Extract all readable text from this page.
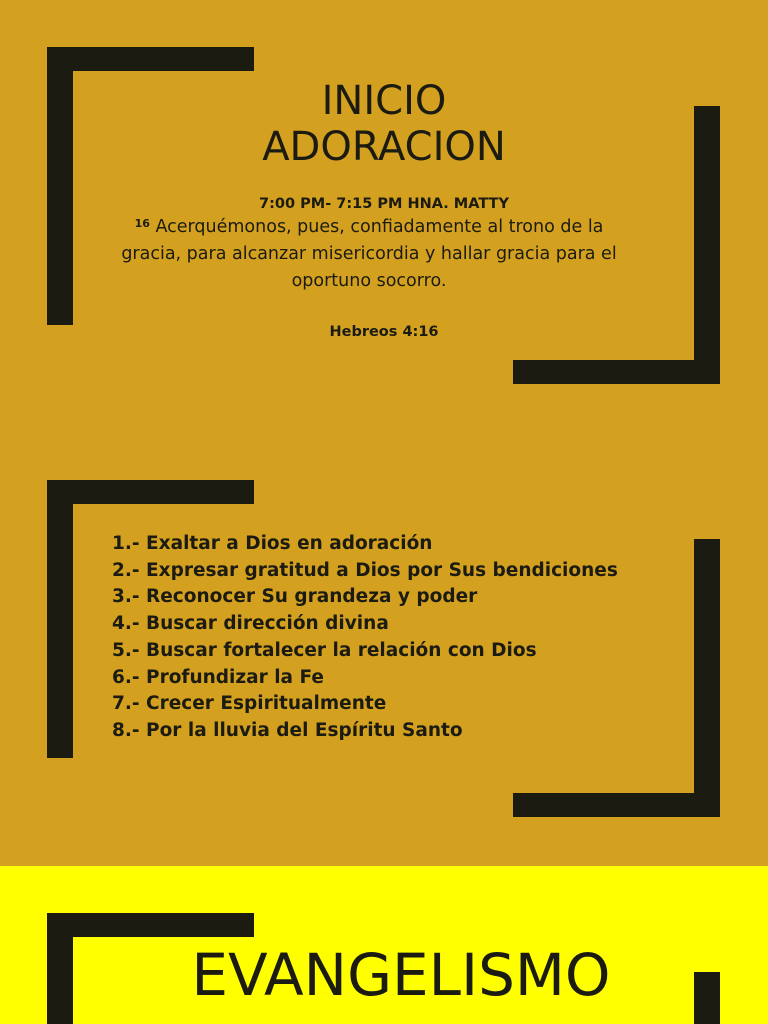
INICIO
ADORACION
7:00 PM- 7:15 PM HNA. MATTY
$^{16}$ Acerquémonos, pues, confiadamente al trono de la gracia, para alcanzar misericordia y hallar gracia para el oportuno socorro.
Hebreos 4:16
1.- Exaltar a Dios en adoración
2.- Expresar gratitud a Dios por Sus bendiciones
3.- Reconocer Su grandeza y poder
4.- Buscar dirección divina
5.- Buscar fortalecer la relación con Dios
6.- Profundizar la Fe
7.- Crecer Espiritualmente
8.- Por la lluvia del Espíritu Santo
EVANGELISMO
